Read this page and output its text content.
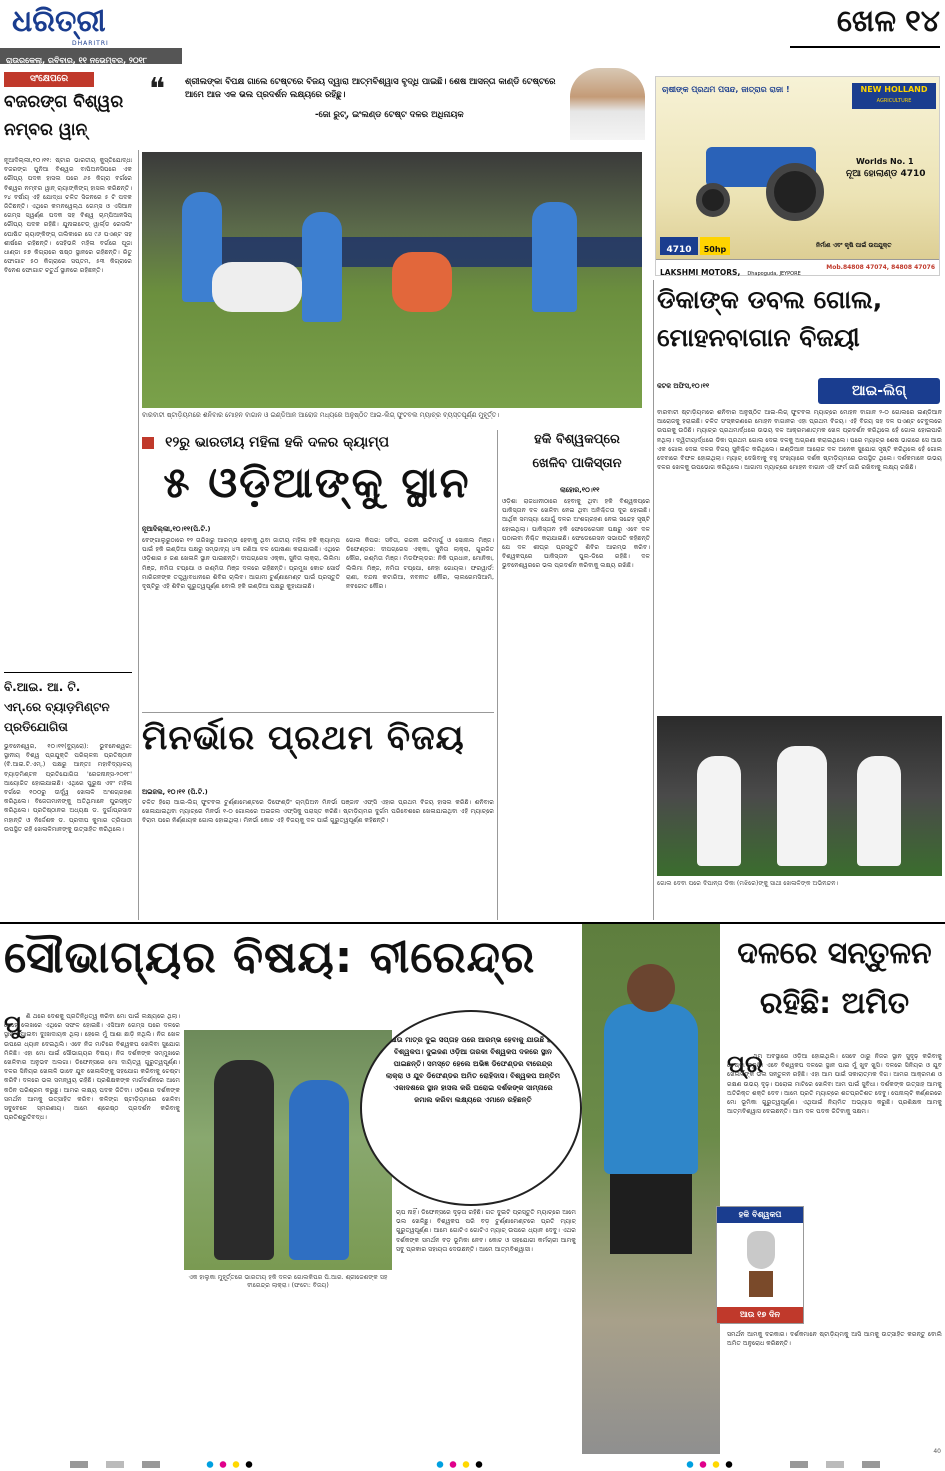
ଧରିତ୍ରୀ
DHARITRI
ରାଉରକେଲା, ରବିବାର, ୧୧ ନଭେମ୍ବର, ୨୦୧୮
ଖେଳ ୧୪
❝ ଶ୍ରୀଲଙ୍କା ବିପକ୍ଷ ଗାଲେ ଟେଷ୍ଟରେ ବିଜୟ ଦ୍ୱାରା ଆତ୍ମବିଶ୍ୱାସ ବୃଦ୍ଧି ପାଇଛି। ଶେଷ ଆସନ୍ତା କାଣ୍ଡି ଟେଷ୍ଟରେ ଆମେ ଆଜ ଏକ ଭଲ ପ୍ରଦର୍ଶନ ଲକ୍ଷ୍ୟରେ ରହିଛୁ।
-ଜୋ ରୁଟ୍, ଇଂଲଣ୍ଡ ଟେଷ୍ଟ ଦଳର ଅଧିନାୟକ
ସଂକ୍ଷେପରେ
ବଜରଙ୍ଗ ବିଶ୍ୱର
ନମ୍ବର ୱାନ୍
ନୂଆଦିଲ୍ଲୀ,୧୦।୧୧: ଷ୍ଟାର ଭାରତୀୟ କୁସ୍ତିଯୋଦ୍ଧା ବଜରଙ୍ଗ ପୁନିଆ ବିଶ୍ୱର ବାପିଅନସିପରେ ଏକ ରୌପ୍ୟ ପଦକ ହାସଲ ପରେ ୬୫ କିଗ୍ରା ବର୍ଗରେ ବିଶ୍ୱର ନମ୍ବର ୱାନ୍ ର‍୍ୟାଙ୍କିଙ୍ଗ୍ ହାସଲ କରିଛନ୍ତି। ୨୪ ବର୍ଷୀୟ ଏହି ଯୋଦ୍ଧା ଚଳିତ ସିଜନରେ ୫ ଟି ପଦକ ଜିତିଛନ୍ତି। ଏଥିରେ କମନୱେଲ୍ଥ ଗେମ୍ସ ଓ ଏସିଆନ ଗେମ୍ସ ସ୍ୱର୍ଣ୍ଣ ପଦକ ସହ ବିଶ୍ୱ ଚାମ୍ପିଆନସିପ୍ ରୌପ୍ୟ ପଦକ ରହିଛି। ଯୁନାଇଟେଡ୍ ୱାର୍ଲ୍ଡ ରେସଲିଂ ଘୋଷିତ ର‍୍ୟାଙ୍କିଙ୍ଗ୍ ତାଲିକାରେ ସେ ୯୬ ପଏଣ୍ଟ ସହ ଶୀର୍ଷରେ ରହିଛନ୍ତି। ସେହିଭଳି ମହିଳା ବର୍ଗରେ ପୂଜା ଧାଣ୍ଡା ୫୭ କିଗ୍ରାରେ ଷଷ୍ଠ ସ୍ଥାନରେ ରହିଛନ୍ତି। ରିତୁ ଫୋଗାଟ ୫୦ କିଗ୍ରାରେ ସପ୍ତମ, ୫୩ କିଗ୍ରାରେ ବିନେଶ ଫୋଗାଟ ଚତୁର୍ଥ ସ୍ଥାନରେ ରହିଛନ୍ତି।
ବି.ଆଇ. ଆ. ଟି.
ଏମ୍.ରେ ବ୍ୟାଡ଼ମିଣ୍ଟନ
ପ୍ରତିଯୋଗିତା
ଭୁବନେଶ୍ୱର, ୧୦।୧୧(ବ୍ୟୁରୋ): ଭୁବନେଶ୍ୱର: ସ୍ଥାନୀୟ ବିଶ୍ୱ ପ୍ରଯୁକ୍ତି ପରିଚାଳନା ପ୍ରତିଷ୍ଠାନ (ବି.ଆଇ.ଟି.ଏମ୍.) ପକ୍ଷରୁ ଆନ୍ତଃ ମହାବିଦ୍ୟାଳୟ ବ୍ୟାଡ଼ମିଣ୍ଟନ ପ୍ରତିଯୋଗିତା 'ରେଜନାନ୍ସ-୨୦୧୮' ଆୟୋଜିତ ହୋଇଯାଇଛି। ଏଥିରେ ପୁରୁଷ ଏବଂ ମହିଳା ବର୍ଗରେ ୧୦୦ରୁ ଊର୍ଦ୍ଧ୍ୱ ଖେଳାଳି ଅଂଶଗ୍ରହଣ କରିଥିଲେ। ବିଜେତାମାନଙ୍କୁ ଅତିଥିମାନେ ପୁରସ୍କୃତ କରିଥିଲେ। ପ୍ରତିଷ୍ଠାନର ଅଧ୍ୟକ୍ଷ ଡ. ଦୁର୍ଗାପ୍ରସାଦ ମହାନ୍ତି ଓ ନିର୍ଦ୍ଦେଶକ ଡ. ପ୍ରଦୀପ କୁମାର ତ୍ରିପାଠୀ ଉପସ୍ଥିତ ରହି ଖେଳାଳିମାନଙ୍କୁ ଉତ୍ସାହିତ କରିଥିଲେ।
ବାରବାଟୀ ଷ୍ଟାଡ଼ିୟମରେ ଶନିବାର ମୋହନ ବାଗାନ ଓ ଇଣ୍ଡିଆନ ଆରୋଜ ମଧ୍ୟରେ ଅନୁଷ୍ଠିତ ଆଇ-ଲିଗ୍ ଫୁଟବଲ ମ୍ୟାଚ୍‌ର ବ୍ୟସ୍ତପୂର୍ଣ୍ଣ ମୁହୂର୍ତ୍ତ।
ଚାଷୀଙ୍କ ପ୍ରଥମ ପସନ୍ଦ, ଜାତ୍ରାର ରାଜା !	NEW HOLLAND
AGRICULTURE
Worlds No. 1
ନୂଆ ହୋଲାଣ୍ଡ 4710
4710	50hp	ନିର୍ମାଣ ଏବଂ କୃଷି ପାଇଁ ଉପଯୁକ୍ତ
LAKSHMI MOTORS, Dhapoguda, JEYPORE
Mob.84808 47074, 84808 47076
ଡିକାଙ୍କ ଡବଲ ଗୋଲ,
ମୋହନବାଗାନ ବିଜୟୀ
କଟକ ଅଫିସ,୧୦।୧୧	ଆଇ-ଲିଗ୍
ବାରବାଟୀ ଷ୍ଟାଡ଼ିୟମରେ ଶନିବାର ଅନୁଷ୍ଠିତ ଆଇ-ଲିଗ୍ ଫୁଟବଲ ମ୍ୟାଚ୍‌ରେ ମୋହନ ବାଗାନ ୨-୦ ଗୋଲରେ ଇଣ୍ଡିଆନ ଆରୋଜକୁ ହରାଇଛି। ଚଳିତ ସଂସ୍କରଣରେ ମୋହନ ବାଗାନର ଏହା ପ୍ରଥମ ବିଜୟ। ଏହି ବିଜୟ ସହ ଦଳ ପଏଣ୍ଟ ଟେବୁଲରେ ଉପରକୁ ଉଠିଛି। ମ୍ୟାଚ୍‌ର ପ୍ରଥମାର୍ଦ୍ଧରେ ଉଭୟ ଦଳ ଆକ୍ରମଣାତ୍ମକ ଖେଳ ପ୍ରଦର୍ଶନ କରିଥିଲେ ହେଁ ଗୋଲ ହୋଇପାରି ନଥିଲା। ଦ୍ୱିତୀୟାର୍ଦ୍ଧରେ ଡିକା ପ୍ରଥମ ଗୋଲ ଦେଇ ଦଳକୁ ଅଗ୍ରଣୀ କରାଇଥିଲେ। ପରେ ମ୍ୟାଚ୍‌ର ଶେଷ ଭାଗରେ ସେ ଆଉ ଏକ ଗୋଲ ଦେଇ ଦଳର ବିଜୟ ସୁନିଶ୍ଚିତ କରିଥିଲେ। ଇଣ୍ଡିଆନ ଆରୋଜ ଦଳ ଅନେକ ସୁଯୋଗ ସୃଷ୍ଟି କରିଥିଲେ ହେଁ ଗୋଲ ଦେବାରେ ବିଫଳ ହୋଇଥିଲା। ମ୍ୟାଚ୍ ଦେଖିବାକୁ ବହୁ ସଂଖ୍ୟାରେ ଦର୍ଶକ ଷ୍ଟାଡ଼ିୟମରେ ଉପସ୍ଥିତ ଥିଲେ। ଦର୍ଶକମାନେ ଉଭୟ ଦଳର ଖେଳକୁ ଉପଭୋଗ କରିଥିଲେ। ଆଗାମୀ ମ୍ୟାଚ୍‌ରେ ମୋହନ ବାଗାନ ଏହି ଫର୍ମ ଜାରି ରଖିବାକୁ ଲକ୍ଷ୍ୟ ରଖିଛି।
ଗୋଲ ଦେବା ପରେ ଦିପାନ୍ତା ଡିକା (ମଝିରେ)ଙ୍କୁ ସାଥୀ ଖେଳାଳିଙ୍କ ଅଭିନନ୍ଦନ।
୧୨ରୁ ଭାରତୀୟ ମହିଳା ହକି ଦଳର କ୍ୟାମ୍ପ
୫ ଓଡ଼ିଆଙ୍କୁ ସ୍ଥାନ
ନୂଆଦିଲ୍ଲୀ,୧୦।୧୧(ପି.ଟି.)
ବେଙ୍ଗାଲୁରୁଠାରେ ୧୨ ତାରିଖରୁ ଆରମ୍ଭ ହେବାକୁ ଥିବା ଜାତୀୟ ମହିଳା ହକି କ୍ୟାମ୍ପ ପାଇଁ ହକି ଇଣ୍ଡିଆ ପକ୍ଷରୁ ସମ୍ଭାବ୍ୟ ୪୩ ଜଣିଆ ଦଳ ଘୋଷଣା କରାଯାଇଛି। ଏଥିରେ ଓଡ଼ିଶାର ୫ ଜଣ ଖେଳାଳି ସ୍ଥାନ ପାଇଛନ୍ତି। ଦୀପଗ୍ରେସ ଏକ୍କା, ସୁନିତା ଲାକ୍ରା, ଲିଲିମା ମିଞ୍ଜ, ନମିତା ଟପ୍ପୋ ଓ ରଶ୍ମିତା ମିଞ୍ଜ ଦଳରେ ରହିଛନ୍ତି। ପ୍ରମୁଖ କୋଚ ସୋର୍ଡ ମାରିଜନଙ୍କ ତତ୍ତ୍ୱାବଧାନରେ ଶିବିର ଚାଲିବ। ଆଗାମୀ ଟୁର୍ଣ୍ଣାମେଣ୍ଟ ପାଇଁ ପ୍ରସ୍ତୁତି ଦୃଷ୍ଟିରୁ ଏହି ଶିବିର ଗୁରୁତ୍ୱପୂର୍ଣ୍ଣ ବୋଲି ହକି ଇଣ୍ଡିଆ ପକ୍ଷରୁ କୁହାଯାଇଛି।
ଗୋଲ କିପର: ସବିତା, ରଜନୀ ଇଟିମାର୍ପୁ ଓ ସୋନାଲ ମିଞ୍ଜ। ଡିଫେଣ୍ଡର: ଦୀପଗ୍ରେସ ଏକ୍କା, ସୁନିତା ଲାକ୍ରା, ଗୁରଜିତ କୌର, ରଶ୍ମିତା ମିଞ୍ଜ। ମିଡଫିଲ୍ଡର: ନିକି ପ୍ରଧାନ, ମୋନିକା, ଲିଲିମା ମିଞ୍ଜ, ନମିତା ଟପ୍ପୋ, ନେହା ଗୋୟଲ। ଫରୱାର୍ଡ: ରାଣୀ, ବନ୍ଦନା କଟାରିଆ, ନବନୀତ କୌର, ଲାଲରେମସିଆମି, ନବଜୋତ କୌର।
ହକି ବିଶ୍ୱକପ୍‌ରେ
ଖେଳିବ ପାକିସ୍ତାନ
ଲାହୋର,୧୦।୧୧
ଓଡ଼ିଶା ରାଜଧାନୀଠାରେ ହେବାକୁ ଥିବା ହକି ବିଶ୍ୱକପ୍‌ରେ ପାକିସ୍ତାନ ଦଳ ଖେଳିବା ନେଇ ଥିବା ଅନିଶ୍ଚିତତା ଦୂର ହୋଇଛି। ଆର୍ଥିକ ସମସ୍ୟା ଯୋଗୁଁ ଦଳର ଅଂଶଗ୍ରହଣ ନେଇ ସନ୍ଦେହ ସୃଷ୍ଟି ହୋଇଥିଲା। ପାକିସ୍ତାନ ହକି ଫେଡେରେସନ ପକ୍ଷରୁ ଏବେ ଦଳ ପଠାଇବା ନିଶ୍ଚିତ କରାଯାଇଛି। ଫେଡେରେସନ ସଭାପତି କହିଛନ୍ତି ଯେ ଦଳ ଶୀଘ୍ର ପ୍ରସ୍ତୁତି ଶିବିର ଆରମ୍ଭ କରିବ। ବିଶ୍ୱକପ୍‌ରେ ପାକିସ୍ତାନ ପୁଲ-ଡିରେ ରହିଛି। ଦଳ ଭୁବନେଶ୍ୱରରେ ଭଲ ପ୍ରଦର୍ଶନ କରିବାକୁ ଲକ୍ଷ୍ୟ ରଖିଛି।
ମିନର୍ଭାର ପ୍ରଥମ ବିଜୟ
ଅଇଜଲ, ୧୦।୧୧ (ପି.ଟି.)
ଚଳିତ ହିରୋ ଆଇ-ଲିଗ୍ ଫୁଟବଲ ଟୁର୍ଣ୍ଣାମେଣ୍ଟରେ ଡିଫେଣ୍ଡିଂ ଚାମ୍ପିଅନ ମିନର୍ଭା ପଞ୍ଜାବ ଏଫ୍‌ସି ଏହାର ପ୍ରଥମ ବିଜୟ ହାସଲ କରିଛି। ଶନିବାର ଖେଳାଯାଇଥିବା ମ୍ୟାଚ୍‌ରେ ମିନର୍ଭା ୧-୦ ଗୋଲରେ ଅଇଜଲ ଏଫ୍‌ସିକୁ ପରାସ୍ତ କରିଛି। ଷ୍ଟାଡ଼ିୟମର ଦୁର୍ଗମ ପରିବେଶରେ ଖେଳାଯାଇଥିବା ଏହି ମ୍ୟାଚ୍‌ରେ ବିରାମ ପରେ ନିର୍ଣ୍ଣାୟକ ଗୋଲ ହୋଇଥିଲା। ମିନର୍ଭା କୋଚ ଏହି ବିଜୟକୁ ଦଳ ପାଇଁ ଗୁରୁତ୍ୱପୂର୍ଣ୍ଣ କହିଛନ୍ତି।
ସୌଭାଗ୍ୟର ବିଷୟ: ବୀରେନ୍ଦ୍ର
ପୁ ଣି ଥରେ ଦେଶକୁ ପ୍ରତିନିଧିତ୍ୱ କରିବା ମୋ ପାଇଁ ଲକ୍ଷ୍ୟରେ ଥିଲା। ସେହେ ଲେଖରେ ଏଥିରେ ସଫଳ ହୋଇଛି। ଏସିଆନ ଗେମ୍ସ ପରେ ଦଳରେ ସ୍ଥାନ ନପାଇବା ଦୁଃଖଦାୟକ ଥିଲା। ହେଲେ ମୁଁ ଆଶା ଛାଡ଼ି ନଥିଲି। ନିଜ ଖେଳ ଉପରେ ଧ୍ୟାନ ଦେଇଥିଲି। ଏବେ ନିଜ ମାଟିରେ ବିଶ୍ୱକପ ଖେଳିବା ସୁଯୋଗ ମିଳିଛି। ଏହା ମୋ ପାଇଁ ସୌଭାଗ୍ୟର ବିଷୟ। ନିଜ ଦର୍ଶକଙ୍କ ସମ୍ମୁଖରେ ଖେଳିବାର ଅନୁଭବ ଅଲଗା। ଡିଫେନ୍ସରେ ମୋ ଦାୟିତ୍ୱ ଗୁରୁତ୍ୱପୂର୍ଣ୍ଣ। ଦଳର ସିନିୟର ଖେଳାଳି ଭାବେ ଯୁବ ଖେଳାଳିଙ୍କୁ ସହଯୋଗ କରିବାକୁ ଚେଷ୍ଟା କରିବି। ଦଳରେ ଭଲ ସମନ୍ୱୟ ରହିଛି। ପ୍ରଶିକ୍ଷକଙ୍କ ମାର୍ଗଦର୍ଶନରେ ଆମେ କଠିନ ପରିଶ୍ରମ କରୁଛୁ। ଆମର ଲକ୍ଷ୍ୟ ପଦକ ଜିତିବା। ଓଡ଼ିଶାର ଦର୍ଶକଙ୍କ ସମର୍ଥନ ଆମକୁ ଉତ୍ସାହିତ କରିବ। କଳିଙ୍ଗ ଷ୍ଟାଡ଼ିୟମରେ ଖେଳିବା ସବୁବେଳେ ସ୍ମରଣୀୟ। ଆମେ ଶ୍ରେଷ୍ଠ ପ୍ରଦର୍ଶନ କରିବାକୁ ପ୍ରତିଶ୍ରୁତିବଦ୍ଧ।
ଏକ ହାଲୁକା ମୁହୂର୍ତ୍ତରେ ଭାରତୀୟ ହକି ଦଳର ଗୋଲକିପର ପି.ଆର. ଶ୍ରୀଜେଶଙ୍କ ସହ ବୀରେନ୍ଦ୍ର ଲାକ୍ରା। (ଫଟୋ: ବିଜୟ)
ଚାପ ନାହିଁ। ଡିଫେନ୍ସରେ ଦୃଢ଼ତା ରହିଛି। ଗତ ଦୁଇଟି ପ୍ରସ୍ତୁତି ମ୍ୟାଚ୍‌ରେ ଆମେ ଭଲ ଖେଳିଛୁ। ବିଶ୍ୱକପ ପରି ବଡ଼ ଟୁର୍ଣ୍ଣାମେଣ୍ଟରେ ପ୍ରତି ମ୍ୟାଚ୍ ଗୁରୁତ୍ୱପୂର୍ଣ୍ଣ। ଆମେ ଗୋଟିଏ ଗୋଟିଏ ମ୍ୟାଚ୍ ଉପରେ ଧ୍ୟାନ ଦେବୁ। ଏଥର ଦର୍ଶକଙ୍କ ସମର୍ଥନ ବଡ଼ ଭୂମିକା ନେବ। କୋଚ ଓ ସହଯୋଗୀ କର୍ମଚାରୀ ଆମକୁ ସବୁ ପ୍ରକାର ସହାୟତା ଦେଉଛନ୍ତି। ଆମେ ଆତ୍ମବିଶ୍ୱାସୀ।
ଆଉ ମାତ୍ର ଦୁଇ ସପ୍ତାହ ପରେ ଆରମ୍ଭ ହେବାକୁ ଯାଉଛି ହକି ବିଶ୍ୱକପ। ଦୁଇଜଣ ଓଡ଼ିଆ ତାରକା ବିଶ୍ୱକପ ଦଳରେ ସ୍ଥାନ ପାଇଛନ୍ତି। ସମସ୍ତେ ହେଲେ ଅଭିଜ୍ଞ ଡିଫେଣ୍ଡର ବୀରେନ୍ଦ୍ର ଲାକ୍ରା ଓ ଯୁବ ଡିଫେଣ୍ଡର ଅମିତ ରୋହିଦାସ। ବିଶ୍ୱକପ ଅନ୍ତିମ ଏକାଦଶରେ ସ୍ଥାନ ହାସଲ କରି ଘରୋଇ ଦର୍ଶକଙ୍କ ସାମ୍ନାରେ ଜମାଲ କରିବା ଲକ୍ଷ୍ୟରେ ଏମାନେ ରହିଛନ୍ତି
ଦଳରେ ସନ୍ତୁଳନ
ରହିଛି: ଅମିତ
ପ୍ର
ଥମ ଅବସ୍ଥାରେ ଓଡ଼ିଆ ହୋଇଥିଲି। ସେବେ ଠାରୁ ନିଜର ସ୍ଥାନ ସୁଦୃଢ଼ କରିବାକୁ ଚେଷ୍ଟା କରୁଛି। ଏବେ ବିଶ୍ୱକପ ଦଳରେ ସ୍ଥାନ ପାଇ ମୁଁ ଖୁବ ଖୁସି। ଦଳରେ ସିନିୟର ଓ ଯୁବ ଖେଳାଳିଙ୍କ ଭଲ ସନ୍ତୁଳନ ରହିଛି। ଏହା ଆମ ପାଇଁ ସକାରାତ୍ମକ ଦିଗ। ଆମର ଆକ୍ରମଣ ଓ ରକ୍ଷଣ ଉଭୟ ଦୃଢ଼। ଘରୋଇ ମାଟିରେ ଖେଳିବା ଆମ ପାଇଁ ସୁବିଧା। ଦର୍ଶକଙ୍କ ଉତ୍ସାହ ଆମକୁ ଅତିରିକ୍ତ ଶକ୍ତି ଦେବ। ଆମେ ପ୍ରତି ମ୍ୟାଚ୍‌ରେ ଶତପ୍ରତିଶତ ଦେବୁ। ପେନାଲ୍ଟି କର୍ଣ୍ଣରରେ ମୋ ଭୂମିକା ଗୁରୁତ୍ୱପୂର୍ଣ୍ଣ। ଏଥିପାଇଁ ନିୟମିତ ଅଭ୍ୟାସ କରୁଛି। ପ୍ରଶିକ୍ଷକ ଆମକୁ ଆତ୍ମବିଶ୍ୱାସ ଦେଇଛନ୍ତି। ଆମ ଦଳ ପଦକ ଜିତିବାକୁ ସକ୍ଷମ।
ସମର୍ଥନ ଆମକୁ ଦରକାର। ଦର୍ଶକମାନେ ଷ୍ଟାଡ଼ିୟମକୁ ଆସି ଆମକୁ ଉତ୍ସାହିତ କରନ୍ତୁ ବୋଲି ଅମିତ ଅନୁରୋଧ କରିଛନ୍ତି।
ହକି ବିଶ୍ୱକପ
ଆଉ ୧୭ ଦିନ
40
